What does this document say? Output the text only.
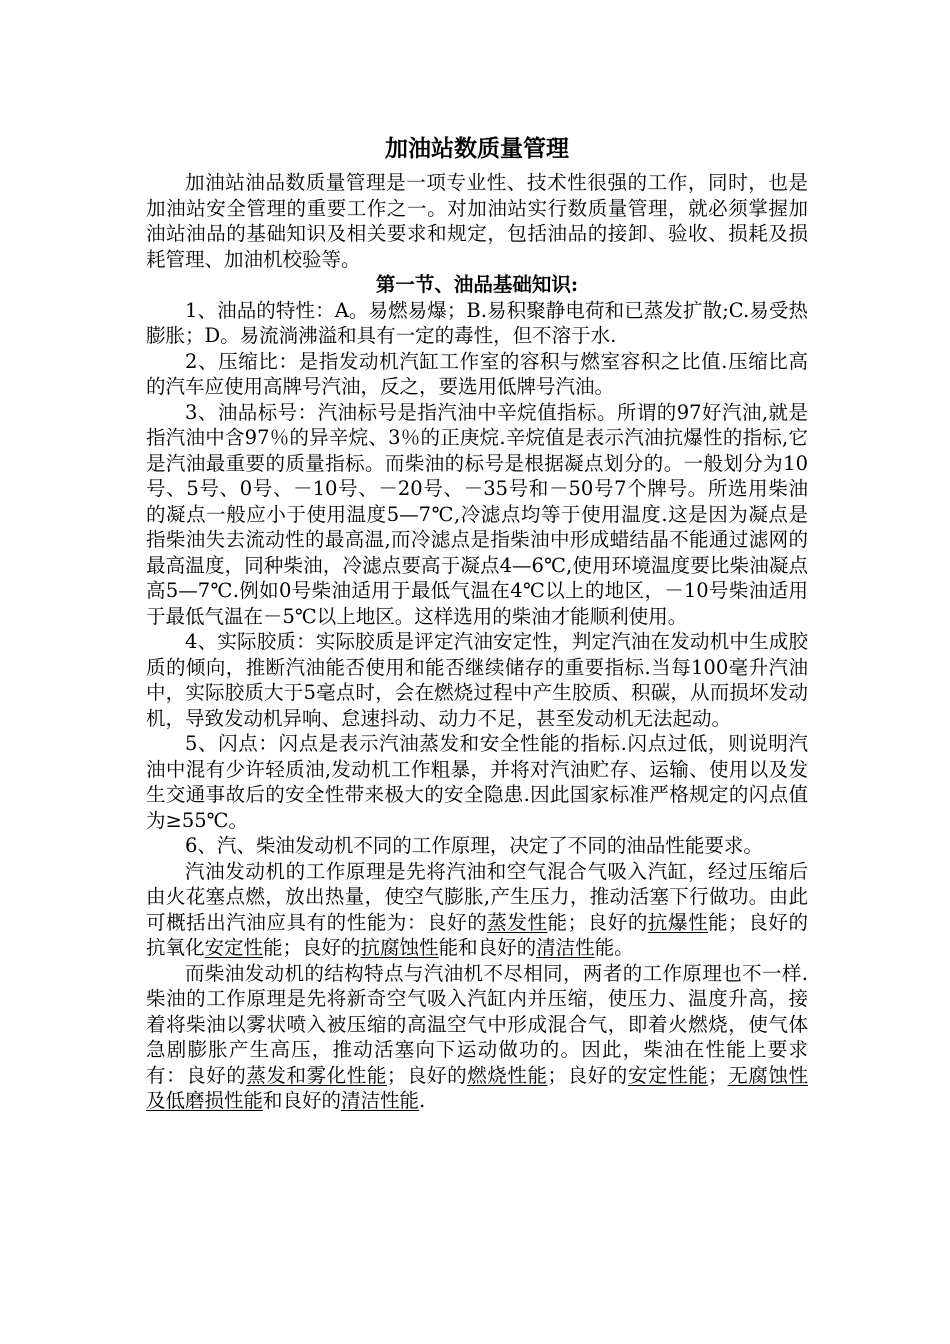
加油站数质量管理

加油站油品数质量管理是一项专业性、技术性很强的工作，同时，也是加油站安全管理的重要工作之一。对加油站实行数质量管理，就必须掌握加油站油品的基础知识及相关要求和规定，包括油品的接卸、验收、损耗及损耗管理、加油机校验等。

第一节、油品基础知识:

1、油品的特性：A。易燃易爆；B.易积聚静电荷和已蒸发扩散;C.易受热膨胀；D。易流淌沸溢和具有一定的毒性，但不溶于水.

2、压缩比：是指发动机汽缸工作室的容积与燃室容积之比值.压缩比高的汽车应使用高牌号汽油，反之，要选用低牌号汽油。

3、油品标号：汽油标号是指汽油中辛烷值指标。所谓的97好汽油,就是指汽油中含97％的异辛烷、3％的正庚烷.辛烷值是表示汽油抗爆性的指标,它是汽油最重要的质量指标。而柴油的标号是根据凝点划分的。一般划分为10号、5号、0号、－10号、－20号、－35号和－50号7个牌号。所选用柴油的凝点一般应小于使用温度5—7℃,冷滤点均等于使用温度.这是因为凝点是指柴油失去流动性的最高温,而冷滤点是指柴油中形成蜡结晶不能通过滤网的最高温度，同种柴油，冷滤点要高于凝点4—6℃,使用环境温度要比柴油凝点高5—7℃.例如0号柴油适用于最低气温在4℃以上的地区，－10号柴油适用于最低气温在－5℃以上地区。这样选用的柴油才能顺利使用。

4、实际胶质：实际胶质是评定汽油安定性，判定汽油在发动机中生成胶质的倾向，推断汽油能否使用和能否继续储存的重要指标.当每100毫升汽油中，实际胶质大于5毫点时，会在燃烧过程中产生胶质、积碳，从而损坏发动机，导致发动机异响、怠速抖动、动力不足，甚至发动机无法起动。

5、闪点：闪点是表示汽油蒸发和安全性能的指标.闪点过低，则说明汽油中混有少许轻质油,发动机工作粗暴，并将对汽油贮存、运输、使用以及发生交通事故后的安全性带来极大的安全隐患.因此国家标准严格规定的闪点值为≥55℃。

6、汽、柴油发动机不同的工作原理，决定了不同的油品性能要求。

汽油发动机的工作原理是先将汽油和空气混合气吸入汽缸，经过压缩后由火花塞点燃，放出热量，使空气膨胀,产生压力，推动活塞下行做功。由此可概括出汽油应具有的性能为：良好的蒸发性能；良好的抗爆性能；良好的抗氧化安定性能；良好的抗腐蚀性能和良好的清洁性能。

而柴油发动机的结构特点与汽油机不尽相同，两者的工作原理也不一样.柴油的工作原理是先将新奇空气吸入汽缸内并压缩，使压力、温度升高，接着将柴油以雾状喷入被压缩的高温空气中形成混合气，即着火燃烧，使气体急剧膨胀产生高压，推动活塞向下运动做功的。因此，柴油在性能上要求有：良好的蒸发和雾化性能；良好的燃烧性能；良好的安定性能；无腐蚀性及低磨损性能和良好的清洁性能.
